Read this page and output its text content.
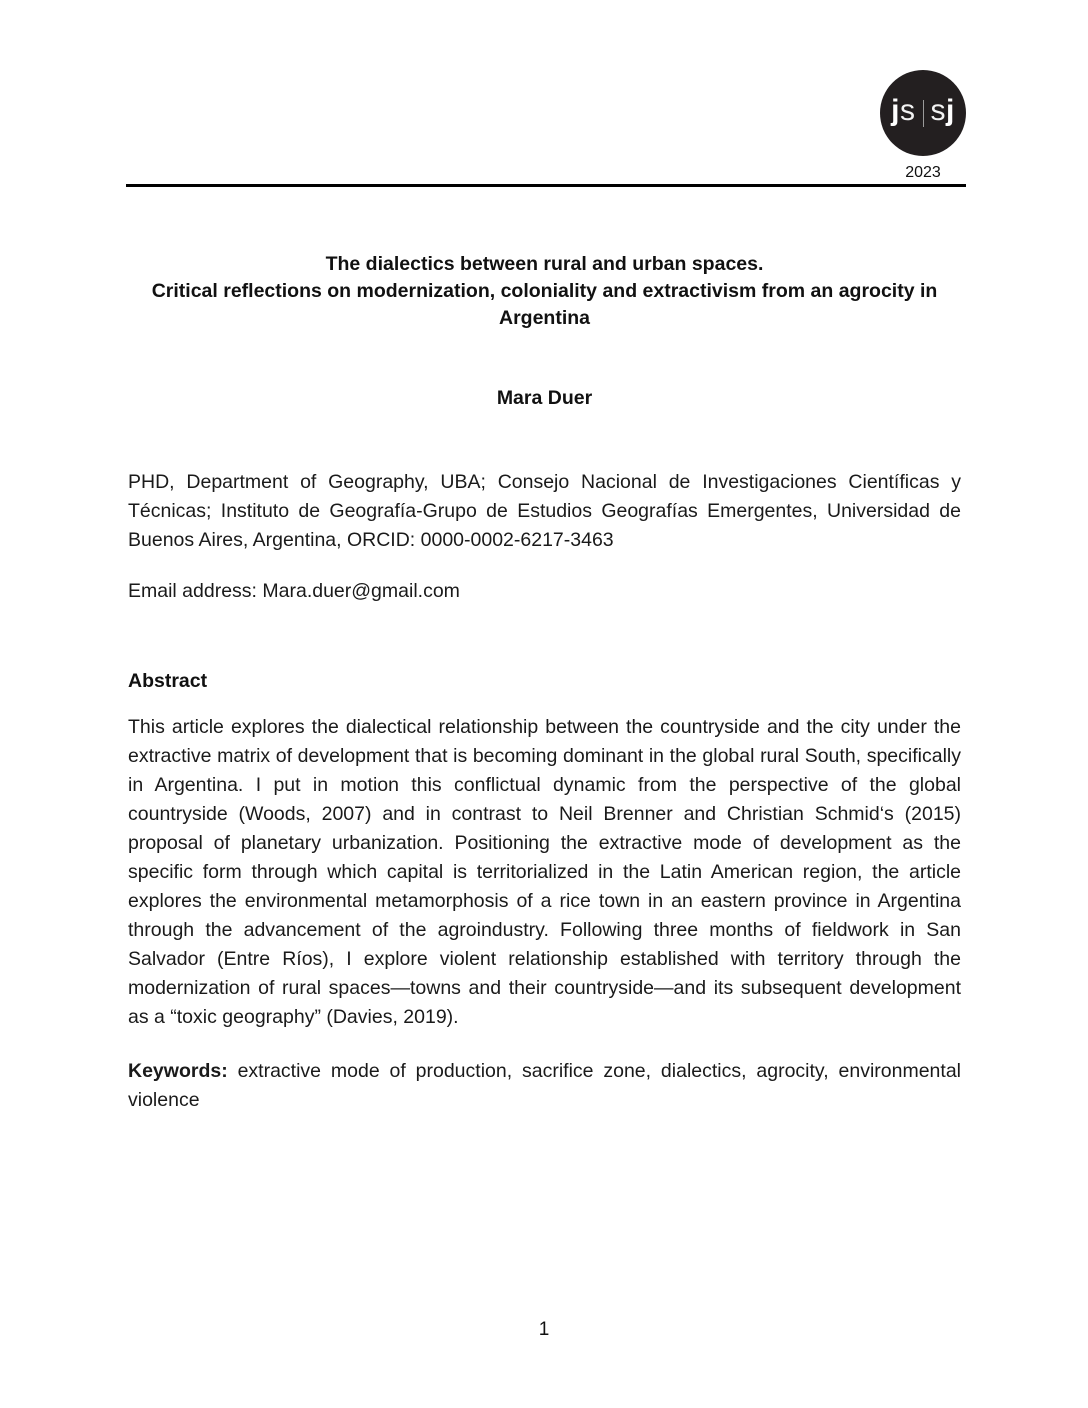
j s s j
2023
The dialectics between rural and urban spaces.
Critical reflections on modernization, coloniality and extractivism from an agrocity in Argentina

Mara Duer

PHD, Department of Geography, UBA; Consejo Nacional de Investigaciones Científicas y Técnicas; Instituto de Geografía-Grupo de Estudios Geografías Emergentes, Universidad de Buenos Aires, Argentina, ORCID: 0000-0002-6217-3463

Email address: Mara.duer@gmail.com

Abstract

This article explores the dialectical relationship between the countryside and the city under the extractive matrix of development that is becoming dominant in the global rural South, specifically in Argentina. I put in motion this conflictual dynamic from the perspective of the global countryside (Woods, 2007) and in contrast to Neil Brenner and Christian Schmid‘s (2015) proposal of planetary urbanization. Positioning the extractive mode of development as the specific form through which capital is territorialized in the Latin American region, the article explores the environmental metamorphosis of a rice town in an eastern province in Argentina through the advancement of the agroindustry. Following three months of fieldwork in San Salvador (Entre Ríos), I explore violent relationship established with territory through the modernization of rural spaces—towns and their countryside—and its subsequent development as a “toxic geography” (Davies, 2019).

Keywords: extractive mode of production, sacrifice zone, dialectics, agrocity, environmental violence

1
